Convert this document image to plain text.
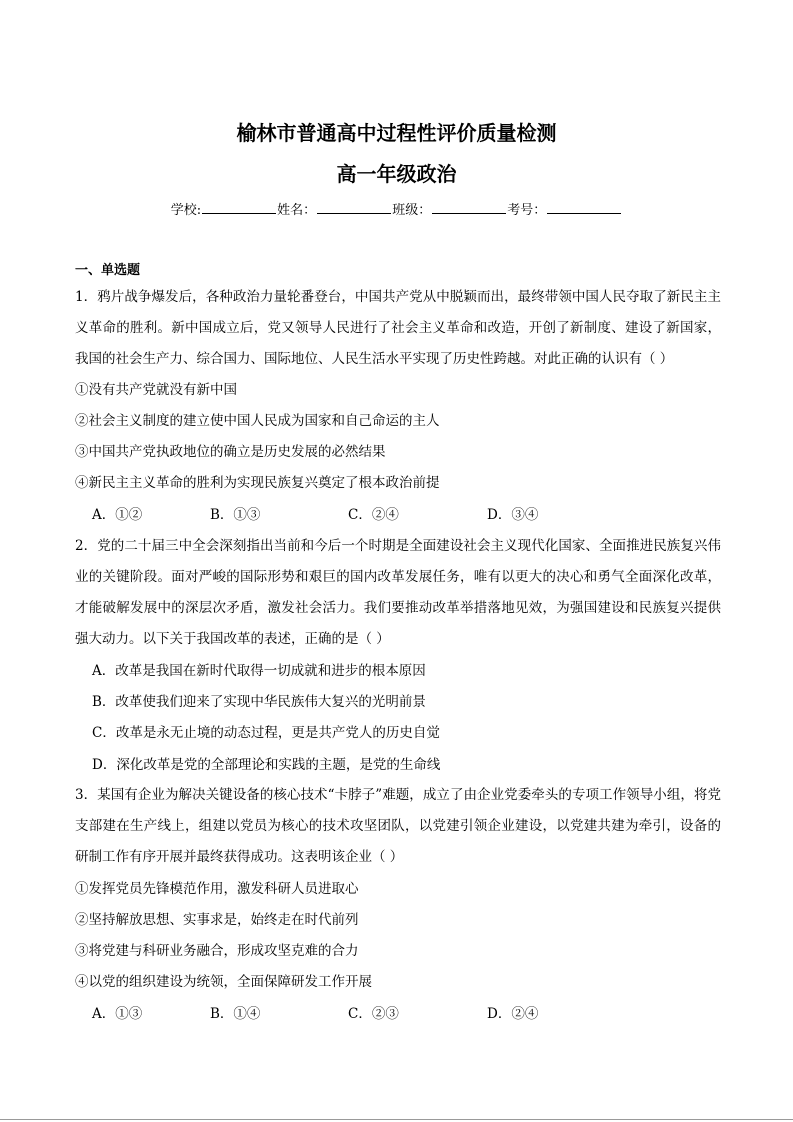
榆林市普通高中过程性评价质量检测
高一年级政治
学校:	姓名：	班级：	考号：
一、单选题
1．鸦片战争爆发后，各种政治力量轮番登台，中国共产党从中脱颖而出，最终带领中国人民夺取了新民主主义革命的胜利。新中国成立后，党又领导人民进行了社会主义革命和改造，开创了新制度、建设了新国家，我国的社会生产力、综合国力、国际地位、人民生活水平实现了历史性跨越。对此正确的认识有（ ）
①没有共产党就没有新中国
②社会主义制度的建立使中国人民成为国家和自己命运的主人
③中国共产党执政地位的确立是历史发展的必然结果
④新民主主义革命的胜利为实现民族复兴奠定了根本政治前提
A．①②	B．①③	C．②④	D．③④
2．党的二十届三中全会深刻指出当前和今后一个时期是全面建设社会主义现代化国家、全面推进民族复兴伟业的关键阶段。面对严峻的国际形势和艰巨的国内改革发展任务，唯有以更大的决心和勇气全面深化改革，才能破解发展中的深层次矛盾，激发社会活力。我们要推动改革举措落地见效，为强国建设和民族复兴提供强大动力。以下关于我国改革的表述，正确的是（ ）
A．改革是我国在新时代取得一切成就和进步的根本原因
B．改革使我们迎来了实现中华民族伟大复兴的光明前景
C．改革是永无止境的动态过程，更是共产党人的历史自觉
D．深化改革是党的全部理论和实践的主题，是党的生命线
3．某国有企业为解决关键设备的核心技术“卡脖子”难题，成立了由企业党委牵头的专项工作领导小组，将党支部建在生产线上，组建以党员为核心的技术攻坚团队，以党建引领企业建设，以党建共建为牵引，设备的研制工作有序开展并最终获得成功。这表明该企业（ ）
①发挥党员先锋模范作用，激发科研人员进取心
②坚持解放思想、实事求是，始终走在时代前列
③将党建与科研业务融合，形成攻坚克难的合力
④以党的组织建设为统领，全面保障研发工作开展
A．①③	B．①④	C．②③	D．②④
